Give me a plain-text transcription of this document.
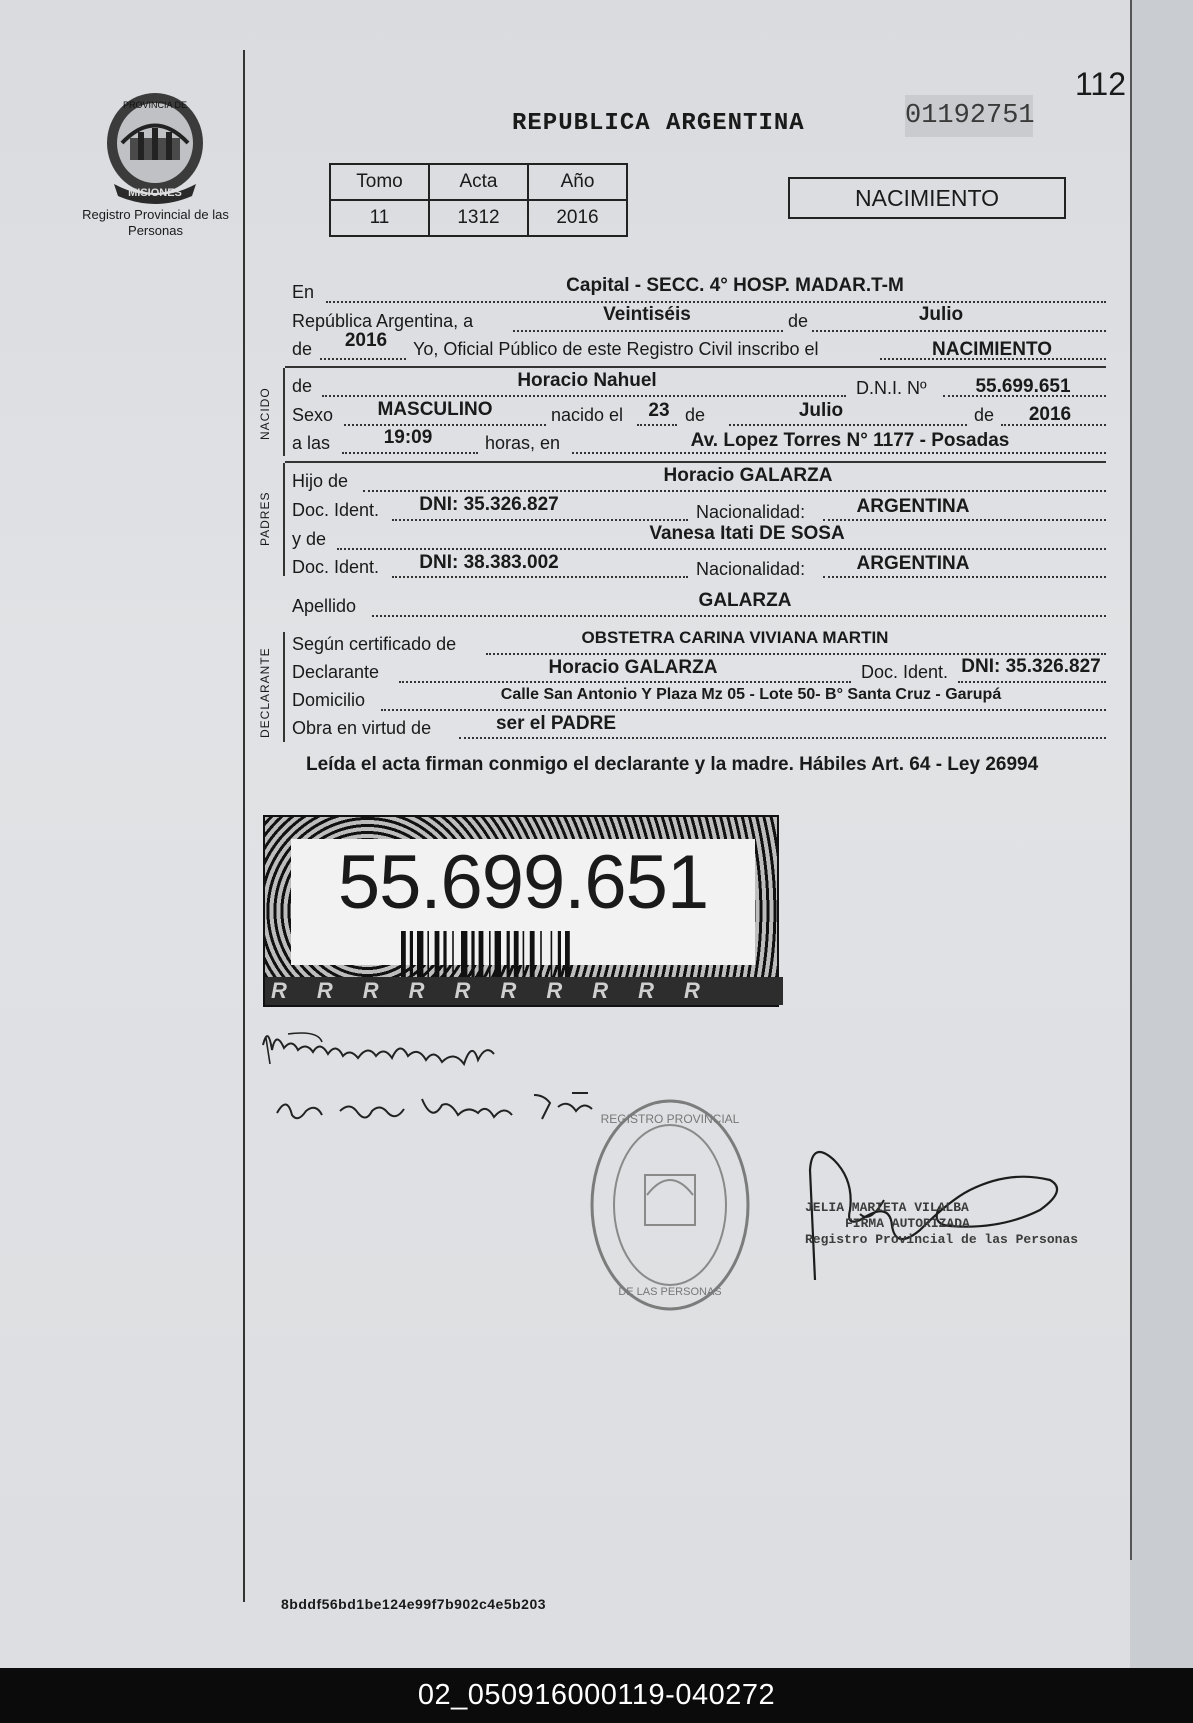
112
PROVINCIA DE
MISIONES
Registro Provincial de las Personas
REPUBLICA ARGENTINA	01192751
Tomo	Acta	Año
11	1312	2016
NACIMIENTO
En	Capital - SECC. 4° HOSP. MADAR.T-M
República Argentina, a	Veintiséis	de	Julio
de 2016 Yo, Oficial Público de este Registro Civil inscribo el	NACIMIENTO
NACIDO
de	Horacio Nahuel	D.N.I. Nº	55.699.651
Sexo MASCULINO	nacido el 23 de	Julio	de 2016
a las	19:09	horas, en	Av. Lopez Torres N° 1177 - Posadas
PADRES
Hijo de	Horacio GALARZA
Doc. Ident. DNI: 35.326.827	Nacionalidad:	ARGENTINA
y de	Vanesa Itati DE SOSA
Doc. Ident. DNI: 38.383.002	Nacionalidad:	ARGENTINA
Apellido	GALARZA
DECLARANTE
Según certificado de	OBSTETRA CARINA VIVIANA MARTIN
Declarante	Horacio GALARZA	Doc. Ident. DNI: 35.326.827
Domicilio	Calle San Antonio Y Plaza Mz 05 - Lote 50- B° Santa Cruz - Garupá
Obra en virtud de	ser el PADRE
Leída el acta firman conmigo el declarante y la madre. Hábiles Art. 64 - Ley 26994
55.699.651
RRRRRRRRRR
REGISTRO PROVINCIAL
DE LAS PERSONAS
JELIA MARIETA VILALBA
FIRMA AUTORIZADA
Registro Provincial de las Personas
8bddf56bd1be124e99f7b902c4e5b203
02_050916000119-040272
